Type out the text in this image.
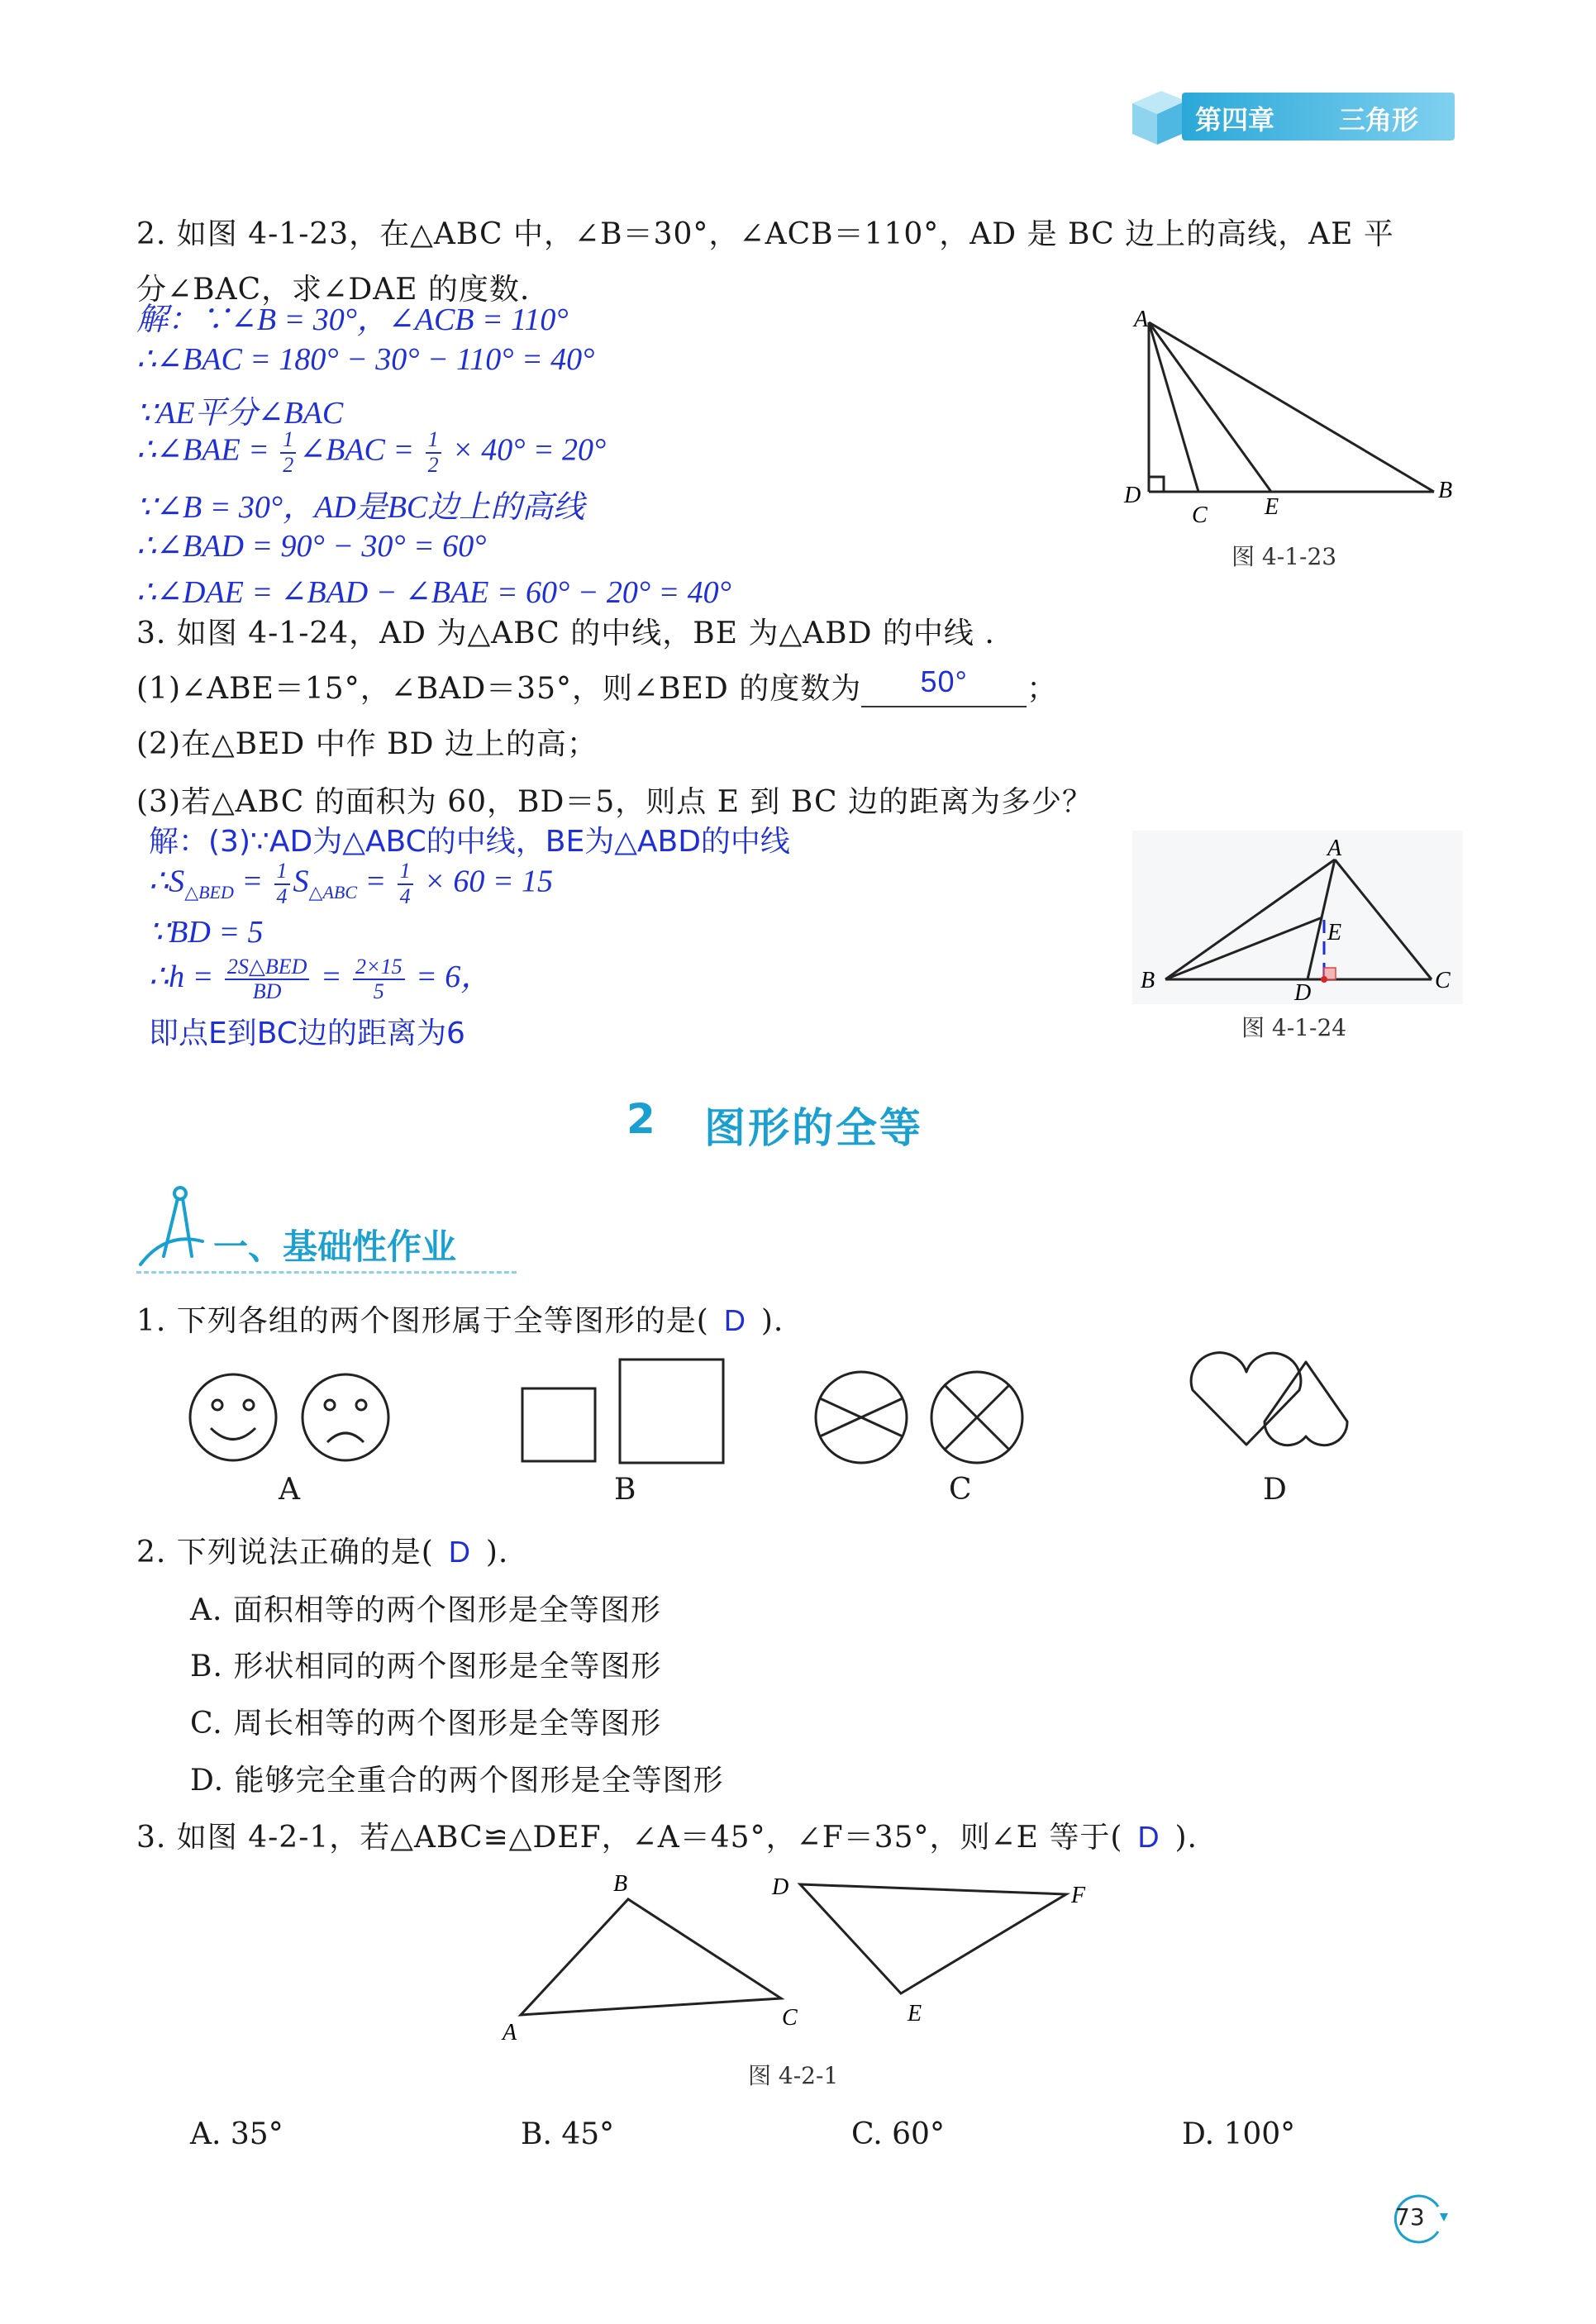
第四章 三角形
2. 如图 4-1-23，在△ABC 中，∠B＝30°，∠ACB＝110°，AD 是 BC 边上的高线，AE 平
分∠BAC，求∠DAE 的度数.
解：∵∠B = 30°，∠ACB = 110°
∴∠BAC = 180° − 30° − 110° = 40°
∵AE平分∠BAC
∴∠BAE = $\frac{1}{2}$ ∠BAC = $\frac{1}{2} \times 40^\circ = 20^\circ$
∵∠B = 30°，AD是BC边上的高线
∴∠BAD = 90° − 30° = 60°
∴∠DAE = ∠BAD − ∠BAE = 60° − 20° = 40°
A
D
C E
B
图 4-1-23
3. 如图 4-1-24，AD 为△ABC 的中线，BE 为△ABD 的中线 .
(1)∠ABE＝15°，∠BAD＝35°，则∠BED 的度数为 50° ；
(2)在△BED 中作 BD 边上的高；
(3)若△ABC 的面积为 60，BD＝5，则点 E 到 BC 边的距离为多少？
解：(3)∵AD为△ABC的中线，BE为△ABD的中线
$\therefore S_{\triangle BED} = \frac{1}{4} S_{\triangle ABC} = \frac{1}{4} \times 60 = 15$
∵BD = 5
∴h = $\frac{\text{2S△BED}}{BD} = \frac{2\times 15}{5} = 6$，
即点E到BC边的距离为6
A
E
B	D	C
图 4-1-24
2 图形的全等
一、基础性作业
1. 下列各组的两个图形属于全等图形的是( D ).
A	B	C	D
2. 下列说法正确的是( D ).
A. 面积相等的两个图形是全等图形
B. 形状相同的两个图形是全等图形
C. 周长相等的两个图形是全等图形
D. 能够完全重合的两个图形是全等图形
3. 如图 4-2-1，若△ABC≌△DEF，∠A＝45°，∠F＝35°，则∠E 等于( D ).
B
A
C
D	F
E
图 4-2-1
A. 35°	B. 45°	C. 60°	D. 100°
73
